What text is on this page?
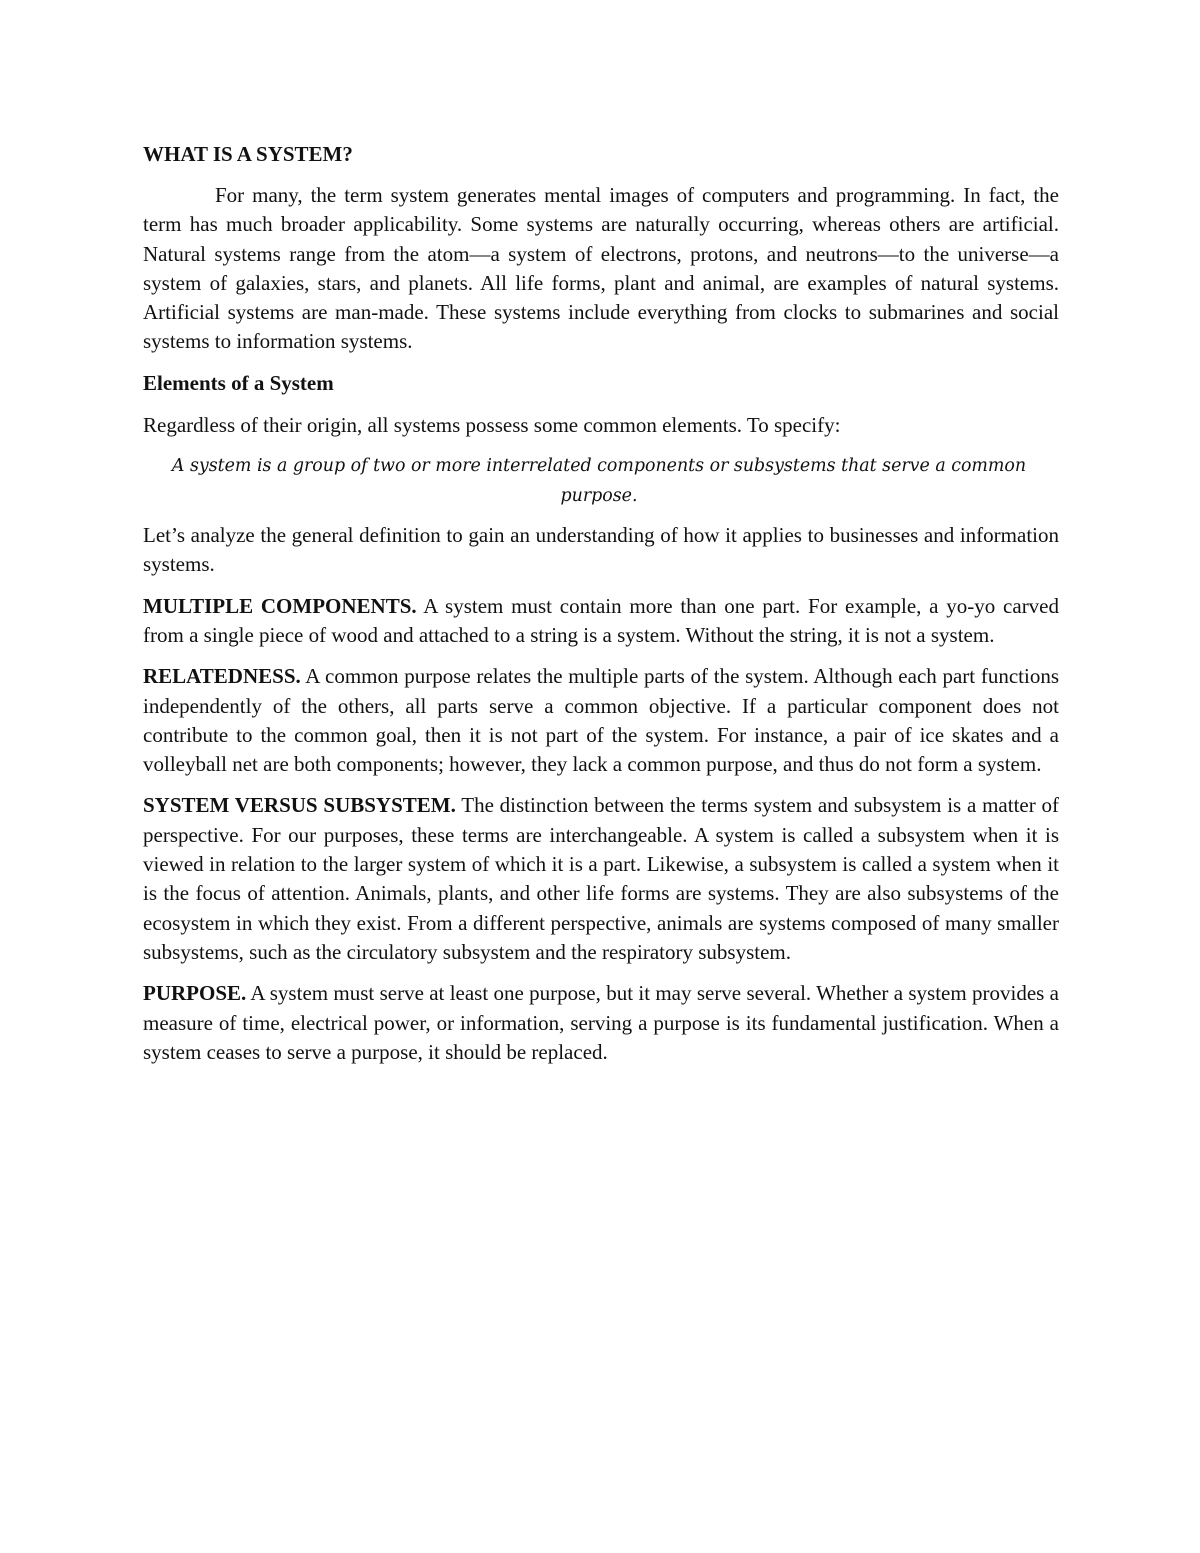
WHAT IS A SYSTEM?

For many, the term system generates mental images of computers and programming. In fact, the term has much broader applicability. Some systems are naturally occurring, whereas others are artificial. Natural systems range from the atom—a system of electrons, protons, and neutrons—to the universe—a system of galaxies, stars, and planets. All life forms, plant and animal, are examples of natural systems. Artificial systems are man-made. These systems include everything from clocks to submarines and social systems to information systems.

Elements of a System

Regardless of their origin, all systems possess some common elements. To specify:

A system is a group of two or more interrelated components or subsystems that serve a common purpose.

Let’s analyze the general definition to gain an understanding of how it applies to businesses and information systems.

MULTIPLE COMPONENTS. A system must contain more than one part. For example, a yo-yo carved from a single piece of wood and attached to a string is a system. Without the string, it is not a system.

RELATEDNESS. A common purpose relates the multiple parts of the system. Although each part functions independently of the others, all parts serve a common objective. If a particular component does not contribute to the common goal, then it is not part of the system. For instance, a pair of ice skates and a volleyball net are both components; however, they lack a common purpose, and thus do not form a system.

SYSTEM VERSUS SUBSYSTEM. The distinction between the terms system and subsystem is a matter of perspective. For our purposes, these terms are interchangeable. A system is called a subsystem when it is viewed in relation to the larger system of which it is a part. Likewise, a subsystem is called a system when it is the focus of attention. Animals, plants, and other life forms are systems. They are also subsystems of the ecosystem in which they exist. From a different perspective, animals are systems composed of many smaller subsystems, such as the circulatory subsystem and the respiratory subsystem.

PURPOSE. A system must serve at least one purpose, but it may serve several. Whether a system provides a measure of time, electrical power, or information, serving a purpose is its fundamental justification. When a system ceases to serve a purpose, it should be replaced.
